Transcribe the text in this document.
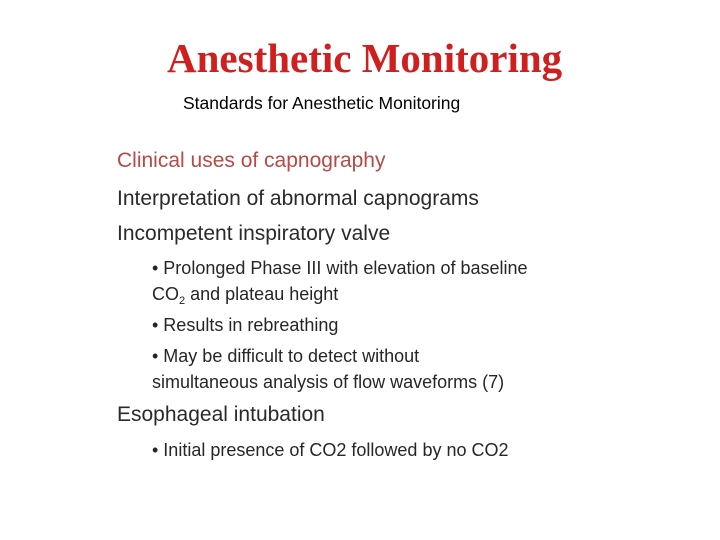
Anesthetic Monitoring
Standards for Anesthetic Monitoring
Clinical uses of capnography
Interpretation of abnormal capnograms
Incompetent inspiratory valve
• Prolonged Phase III with elevation of baseline
$CO_2$ and plateau height
• Results in rebreathing
• May be difficult to detect without
simultaneous analysis of flow waveforms (7)
Esophageal intubation
• Initial presence of CO2 followed by no CO2
